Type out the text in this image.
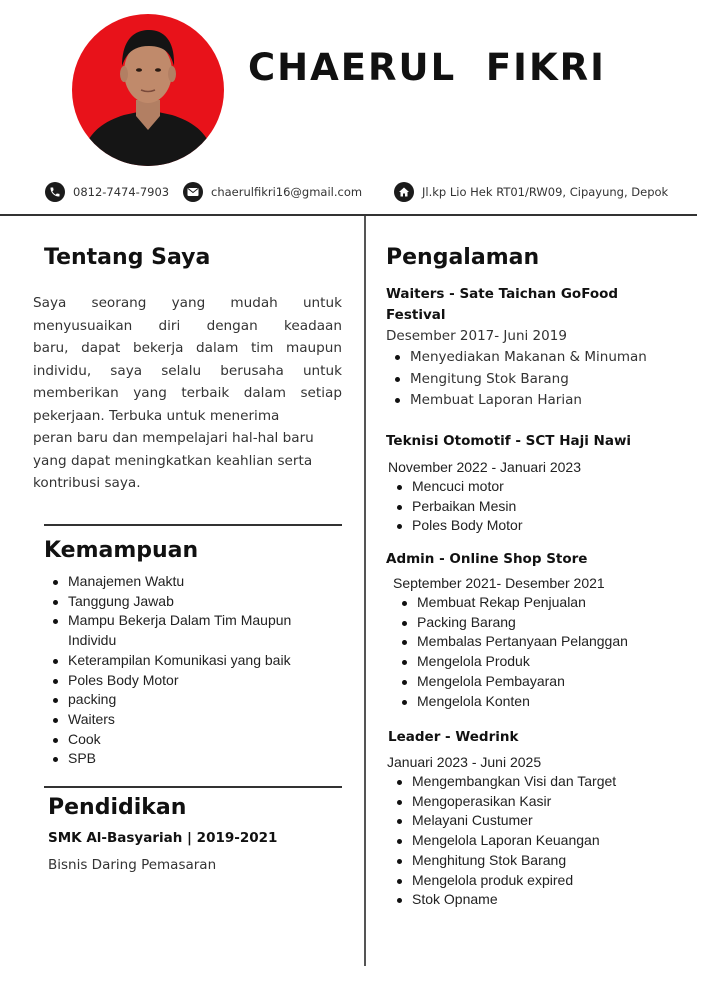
CHAERUL  FIKRI
0812-7474-7903	chaerulfikri16@gmail.com	Jl.kp Lio Hek RT01/RW09, Cipayung, Depok
Tentang Saya
Saya seorang yang mudah untuk
menyusuaikan diri dengan keadaan
baru, dapat bekerja dalam tim maupun
individu, saya selalu berusaha untuk
memberikan yang terbaik dalam setiap
pekerjaan. Terbuka untuk menerima
peran baru dan mempelajari hal-hal baru
yang dapat meningkatkan keahlian serta
kontribusi saya.
Kemampuan
Manajemen Waktu
Tanggung Jawab
Mampu Bekerja Dalam Tim Maupun Individu
Keterampilan Komunikasi yang baik
Poles Body Motor
packing
Waiters
Cook
SPB
Pendidikan
SMK Al-Basyariah | 2019-2021
Bisnis Daring Pemasaran
Pengalaman
Waiters - Sate Taichan GoFood Festival
Desember 2017- Juni 2019
Menyediakan Makanan & Minuman
Mengitung Stok Barang
Membuat Laporan Harian
Teknisi Otomotif - SCT Haji Nawi
November 2022 - Januari 2023
Mencuci motor
Perbaikan Mesin
Poles Body Motor
Admin - Online Shop Store
September 2021- Desember 2021
Membuat Rekap Penjualan
Packing Barang
Membalas Pertanyaan Pelanggan
Mengelola Produk
Mengelola Pembayaran
Mengelola Konten
Leader - Wedrink
Januari 2023 - Juni 2025
Mengembangkan Visi dan Target
Mengoperasikan Kasir
Melayani Custumer
Mengelola Laporan Keuangan
Menghitung Stok Barang
Mengelola produk expired
Stok Opname
